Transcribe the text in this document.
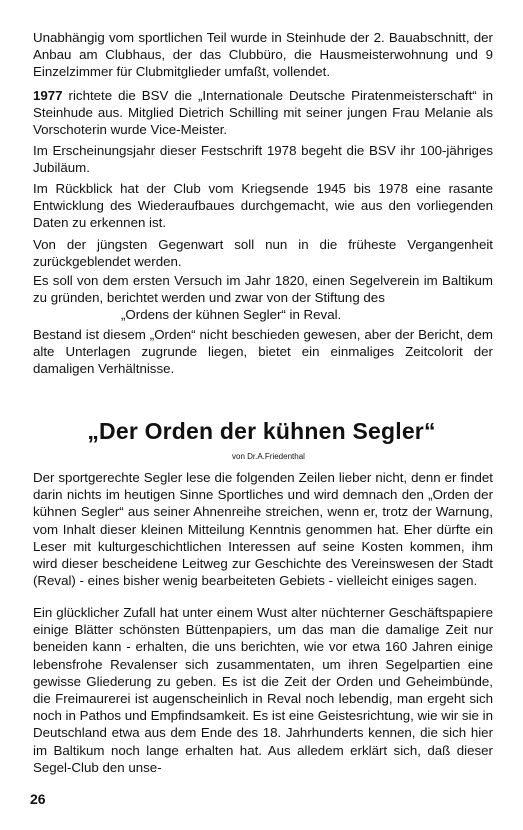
Unabhängig vom sportlichen Teil wurde in Steinhude der 2. Bauabschnitt, der Anbau am Clubhaus, der das Clubbüro, die Hausmeisterwohnung und 9 Einzelzimmer für Clubmitglieder umfaßt, vollendet.

1977 richtete die BSV die „Internationale Deutsche Piratenmeisterschaft“ in Steinhude aus. Mitglied Dietrich Schilling mit seiner jungen Frau Melanie als Vorschoterin wurde Vice-Meister.

Im Erscheinungsjahr dieser Festschrift 1978 begeht die BSV ihr 100-jähriges Jubiläum.

Im Rückblick hat der Club vom Kriegsende 1945 bis 1978 eine rasante Entwicklung des Wiederaufbaues durchgemacht, wie aus den vorliegenden Daten zu erkennen ist.

Von der jüngsten Gegenwart soll nun in die früheste Vergangenheit zurückgeblendet werden.

Es soll von dem ersten Versuch im Jahr 1820, einen Segelverein im Baltikum zu gründen, berichtet werden und zwar von der Stiftung des
„Ordens der kühnen Segler“ in Reval.

Bestand ist diesem „Orden“ nicht beschieden gewesen, aber der Bericht, dem alte Unterlagen zugrunde liegen, bietet ein einmaliges Zeitcolorit der damaligen Verhältnisse.

„Der Orden der kühnen Segler“

von Dr.A.Friedenthal

Der sportgerechte Segler lese die folgenden Zeilen lieber nicht, denn er findet darin nichts im heutigen Sinne Sportliches und wird demnach den „Orden der kühnen Segler“ aus seiner Ahnenreihe streichen, wenn er, trotz der Warnung, vom Inhalt dieser kleinen Mitteilung Kenntnis genommen hat. Eher dürfte ein Leser mit kulturgeschichtlichen Interessen auf seine Kosten kommen, ihm wird dieser bescheidene Leitweg zur Geschichte des Vereinswesen der Stadt (Reval) - eines bisher wenig bearbeiteten Gebiets - vielleicht einiges sagen.

Ein glücklicher Zufall hat unter einem Wust alter nüchterner Geschäftspapiere einige Blätter schönsten Büttenpapiers, um das man die damalige Zeit nur beneiden kann - erhalten, die uns berichten, wie vor etwa 160 Jahren einige lebensfrohe Revalenser sich zusammentaten, um ihren Segelpartien eine gewisse Gliederung zu geben. Es ist die Zeit der Orden und Geheimbünde, die Freimaurerei ist augenscheinlich in Reval noch lebendig, man ergeht sich noch in Pathos und Empfindsamkeit. Es ist eine Geistesrichtung, wie wir sie in Deutschland etwa aus dem Ende des 18. Jahrhunderts kennen, die sich hier im Baltikum noch lange erhalten hat. Aus alledem erklärt sich, daß dieser Segel-Club den unse-

26
